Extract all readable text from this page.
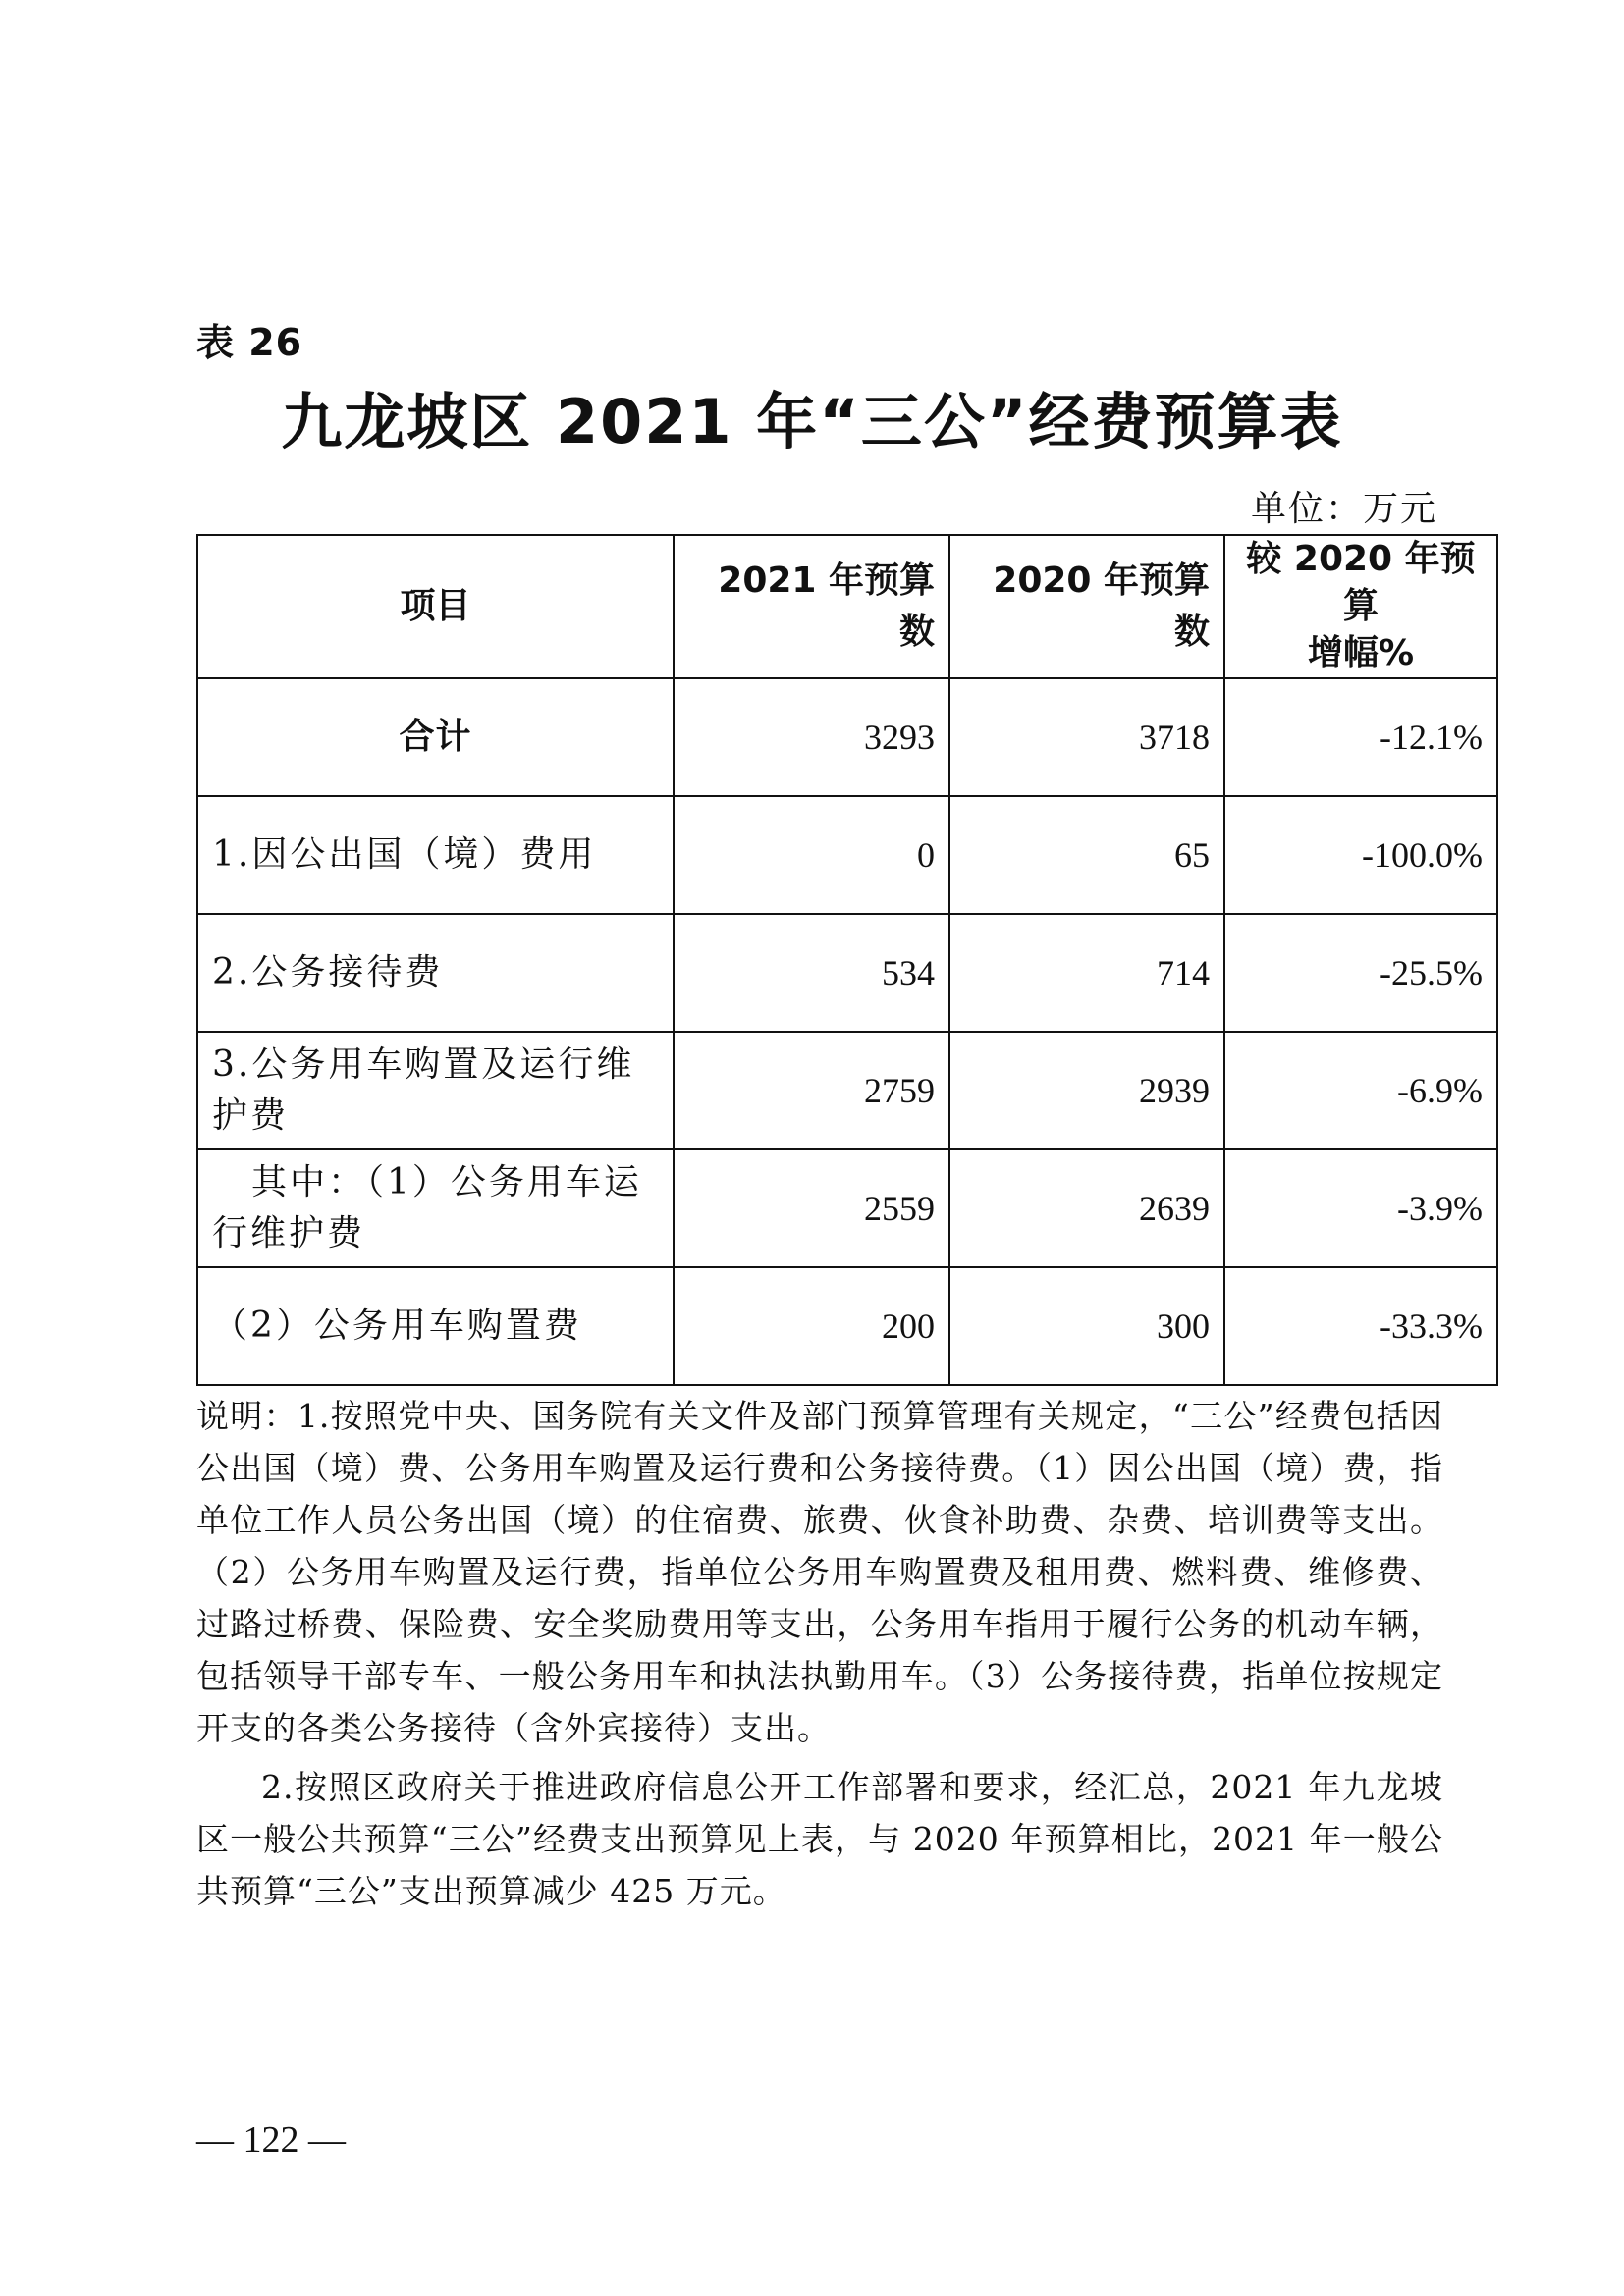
表 26
九龙坡区 2021 年“三公”经费预算表
单位：万元
项目	2021 年预算数	2020 年预算数	较 2020 年预算
增幅%

合计	3293	3718	-12.1%
1.因公出国（境）费用	0	65	-100.0%
2.公务接待费	534	714	-25.5%
3.公务用车购置及运行维护费	2759	2939	-6.9%
其中：（1）公务用车运行维护费	2559	2639	-3.9%
（2）公务用车购置费	200	300	-33.3%

说明：1.按照党中央、国务院有关文件及部门预算管理有关规定，“三公”经费包括因公出国（境）费、公务用车购置及运行费和公务接待费。（1）因公出国（境）费，指单位工作人员公务出国（境）的住宿费、旅费、伙食补助费、杂费、培训费等支出。（2）公务用车购置及运行费，指单位公务用车购置费及租用费、燃料费、维修费、过路过桥费、保险费、安全奖励费用等支出，公务用车指用于履行公务的机动车辆，包括领导干部专车、一般公务用车和执法执勤用车。（3）公务接待费，指单位按规定开支的各类公务接待（含外宾接待）支出。

2.按照区政府关于推进政府信息公开工作部署和要求，经汇总，2021 年九龙坡区一般公共预算“三公”经费支出预算见上表，与 2020 年预算相比，2021 年一般公共预算“三公”支出预算减少 425 万元。

— 122 —
